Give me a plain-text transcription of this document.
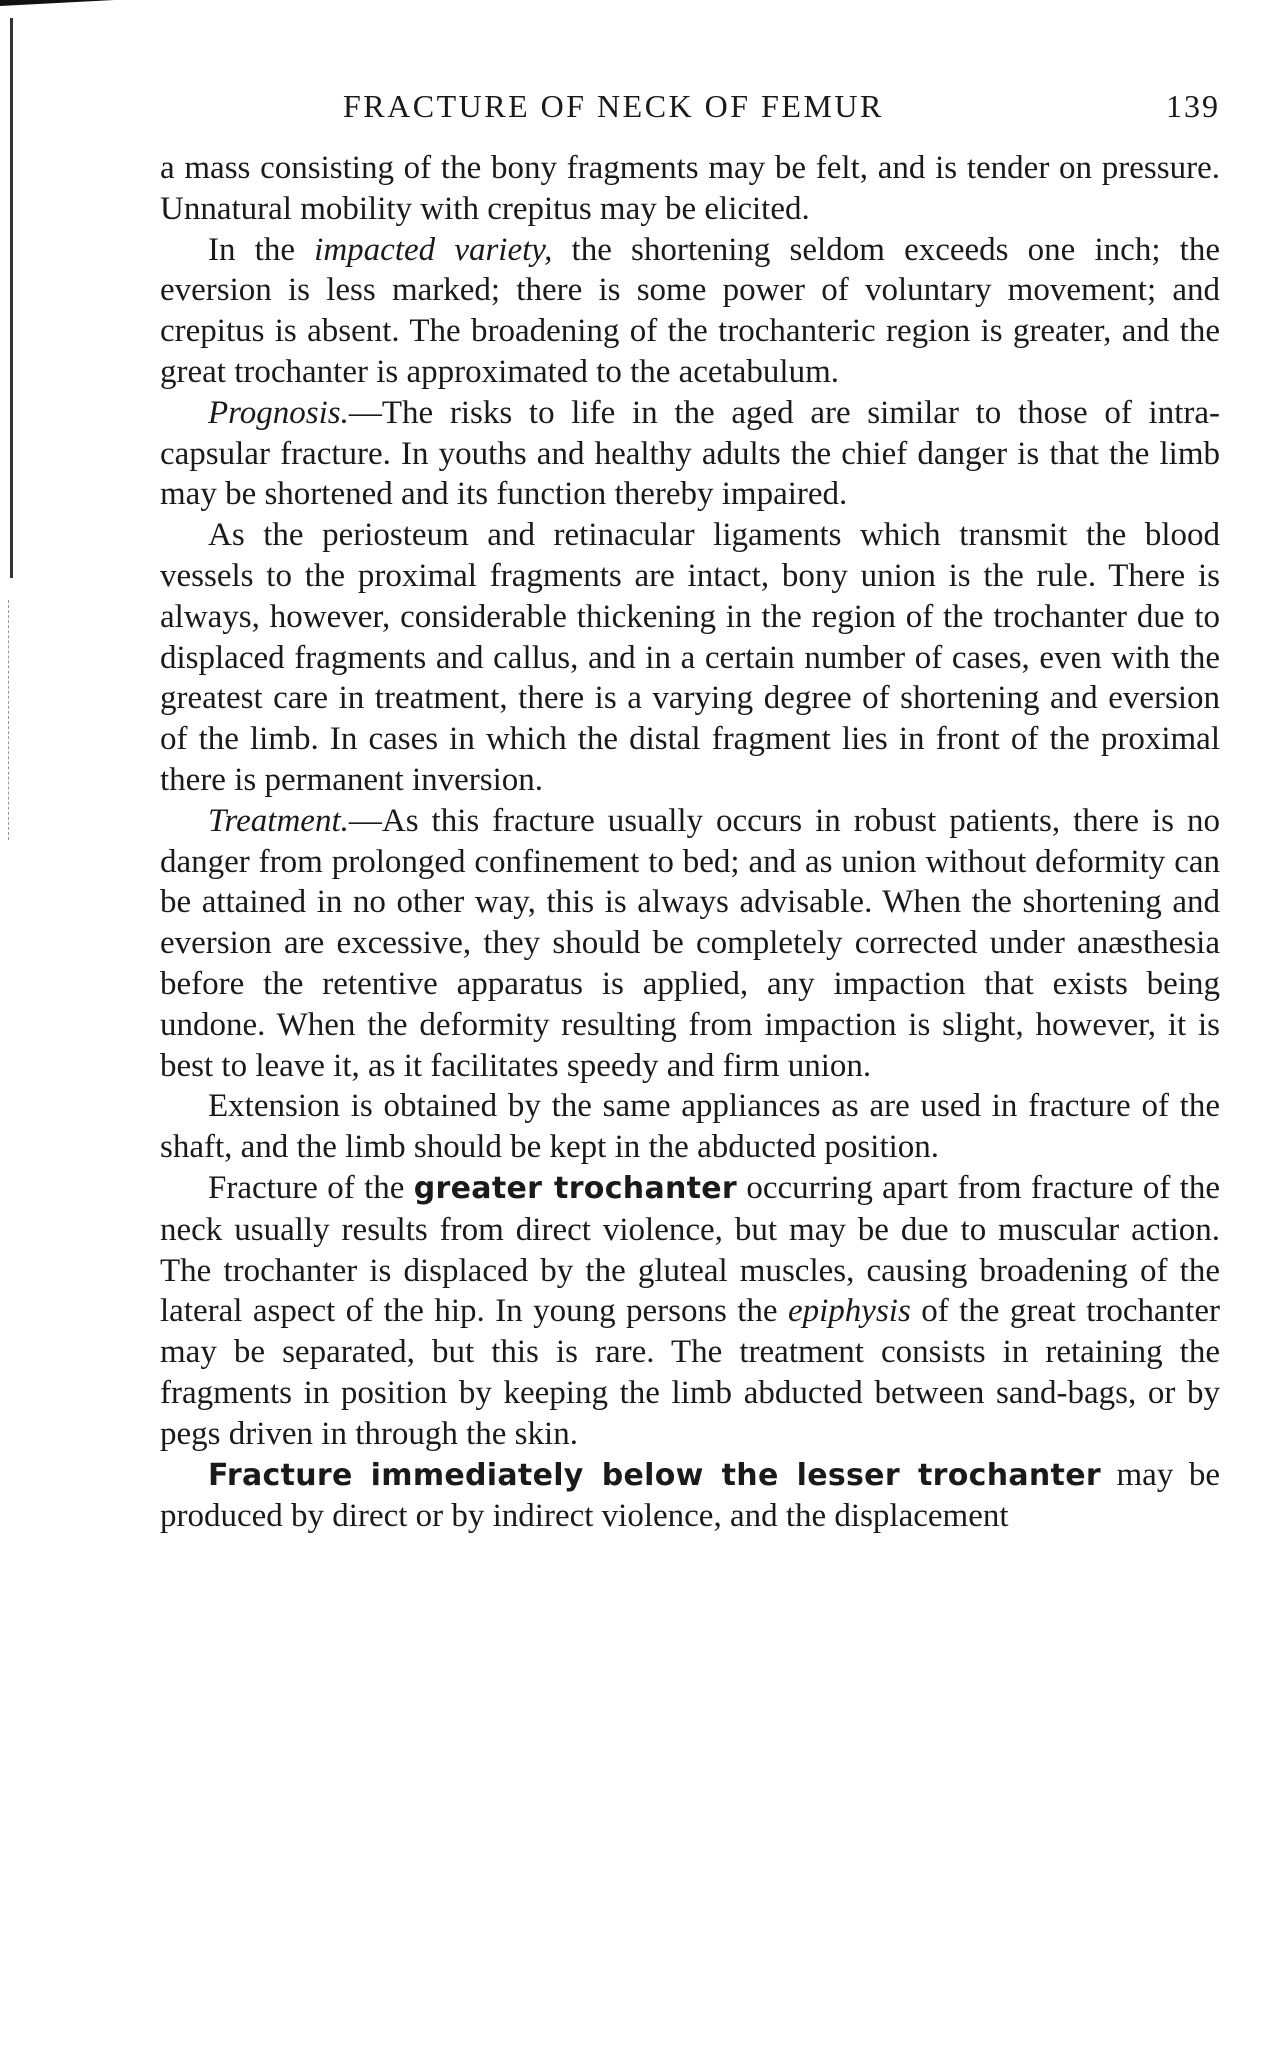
FRACTURE OF NECK OF FEMUR	139

a mass consisting of the bony fragments may be felt, and is tender on pressure. Unnatural mobility with crepitus may be elicited.

In the impacted variety, the shortening seldom exceeds one inch; the eversion is less marked; there is some power of voluntary movement; and crepitus is absent. The broadening of the trochanteric region is greater, and the great trochanter is approximated to the acetabulum.

Prognosis.—The risks to life in the aged are similar to those of intra-capsular fracture. In youths and healthy adults the chief danger is that the limb may be shortened and its function thereby impaired.

As the periosteum and retinacular ligaments which transmit the blood vessels to the proximal fragments are intact, bony union is the rule. There is always, however, considerable thickening in the region of the trochanter due to displaced fragments and callus, and in a certain number of cases, even with the greatest care in treatment, there is a varying degree of shortening and eversion of the limb. In cases in which the distal fragment lies in front of the proximal there is permanent inversion.

Treatment.—As this fracture usually occurs in robust patients, there is no danger from prolonged confinement to bed; and as union without deformity can be attained in no other way, this is always advisable. When the shortening and eversion are excessive, they should be completely corrected under anæsthesia before the retentive apparatus is applied, any impaction that exists being undone. When the deformity resulting from impaction is slight, however, it is best to leave it, as it facilitates speedy and firm union.

Extension is obtained by the same appliances as are used in fracture of the shaft, and the limb should be kept in the abducted position.

Fracture of the greater trochanter occurring apart from fracture of the neck usually results from direct violence, but may be due to muscular action. The trochanter is displaced by the gluteal muscles, causing broadening of the lateral aspect of the hip. In young persons the epiphysis of the great trochanter may be separated, but this is rare. The treatment consists in retaining the fragments in position by keeping the limb abducted between sand-bags, or by pegs driven in through the skin.

Fracture immediately below the lesser trochanter may be produced by direct or by indirect violence, and the displacement
